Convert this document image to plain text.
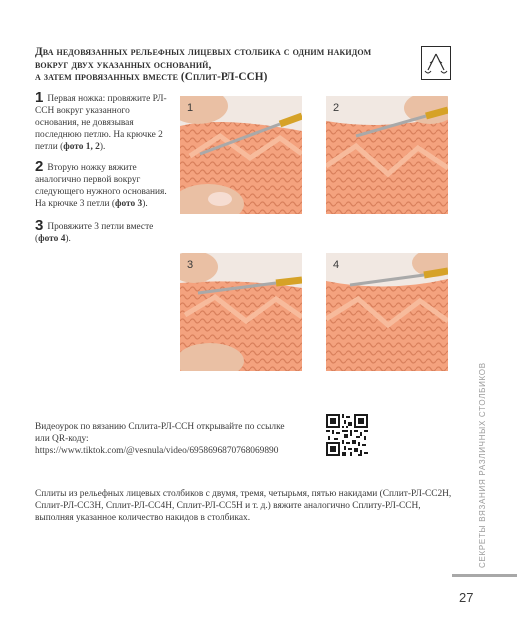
Два недовязанных рельефных лицевых столбика с одним накидом
вокруг двух указанных оснований,
а затем провязанных вместе (Сплит-РЛ-ССН)
1 Первая ножка: провяжите РЛ-ССН вокруг указанного основания, не довязывая последнюю петлю. На крючке 2 петли (фото 1, 2).
2 Вторую ножку вяжите аналогично первой вокруг следующего нужного основания. На крючке 3 петли (фото 3).
3 Провяжите 3 петли вместе (фото 4).
1	2
3	4
Видеоурок по вязанию Сплита-РЛ-ССН открывайте по ссылке
или QR-коду:
https://www.tiktok.com/@vesnula/video/6958696870768069890
Сплиты из рельефных лицевых столбиков с двумя, тремя, четырьмя, пятью накидами (Сплит-РЛ-СС2Н, Сплит-РЛ-СС3Н, Сплит-РЛ-СС4Н, Сплит-РЛ-СС5Н и т. д.) вяжите аналогично Сплиту-РЛ-ССН, выполняя указанное количество накидов в столбиках.	СЕКРЕТЫ ВЯЗАНИЯ РАЗЛИЧНЫХ СТОЛБИКОВ
27
